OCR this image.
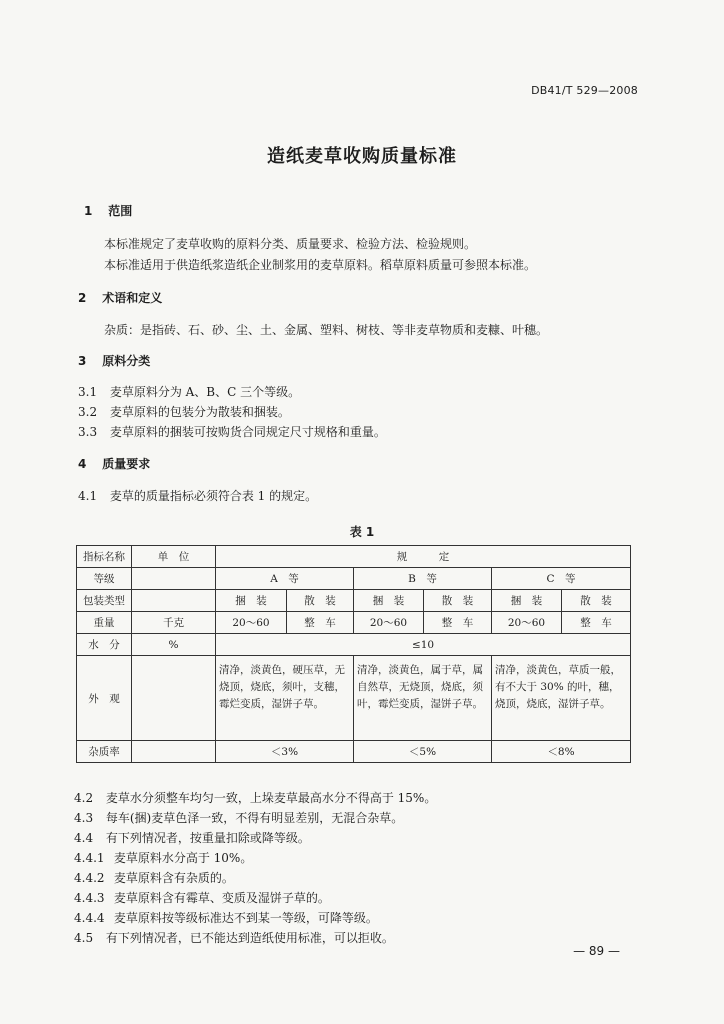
DB41/T 529—2008
造纸麦草收购质量标准
1 范围
本标准规定了麦草收购的原料分类、质量要求、检验方法、检验规则。
本标准适用于供造纸浆造纸企业制浆用的麦草原料。稻草原料质量可参照本标准。
2 术语和定义
杂质：是指砖、石、砂、尘、土、金属、塑料、树枝、等非麦草物质和麦糠、叶穗。
3 原料分类
3.1 麦草原料分为 A、B、C 三个等级。
3.2 麦草原料的包装分为散装和捆装。
3.3 麦草原料的捆装可按购货合同规定尺寸规格和重量。
4 质量要求
4.1 麦草的质量指标必须符合表 1 的规定。
表 1
指标名称	单　位	规　　　定					
等级		A　等		B　等		C　等	
包装类型		捆　装	散　装	捆　装	散　装	捆　装	散　装
重量	千克	20～60	整　车	20～60	整　车	20～60	整　车
水　分	%	≤10					
外　观		清净，淡黄色，硬压草，无烧顶，烧底，须叶，支穗，霉烂变质，湿饼子草。		清净，淡黄色，属于草，属自然草，无烧顶，烧底，须叶，霉烂变质，湿饼子草。		清净，淡黄色，草质一般，有不大于 30% 的叶，穗，烧顶，烧底，湿饼子草。	
杂质率		＜3%		＜5%		＜8%	
4.2 麦草水分须整车均匀一致，上垛麦草最高水分不得高于 15%。
4.3 每车(捆)麦草色泽一致，不得有明显差别，无混合杂草。
4.4 有下列情况者，按重量扣除或降等级。
4.4.1 麦草原料水分高于 10%。
4.4.2 麦草原料含有杂质的。
4.4.3 麦草原料含有霉草、变质及湿饼子草的。
4.4.4 麦草原料按等级标准达不到某一等级，可降等级。
4.5 有下列情况者，已不能达到造纸使用标准，可以拒收。
— 89 —
